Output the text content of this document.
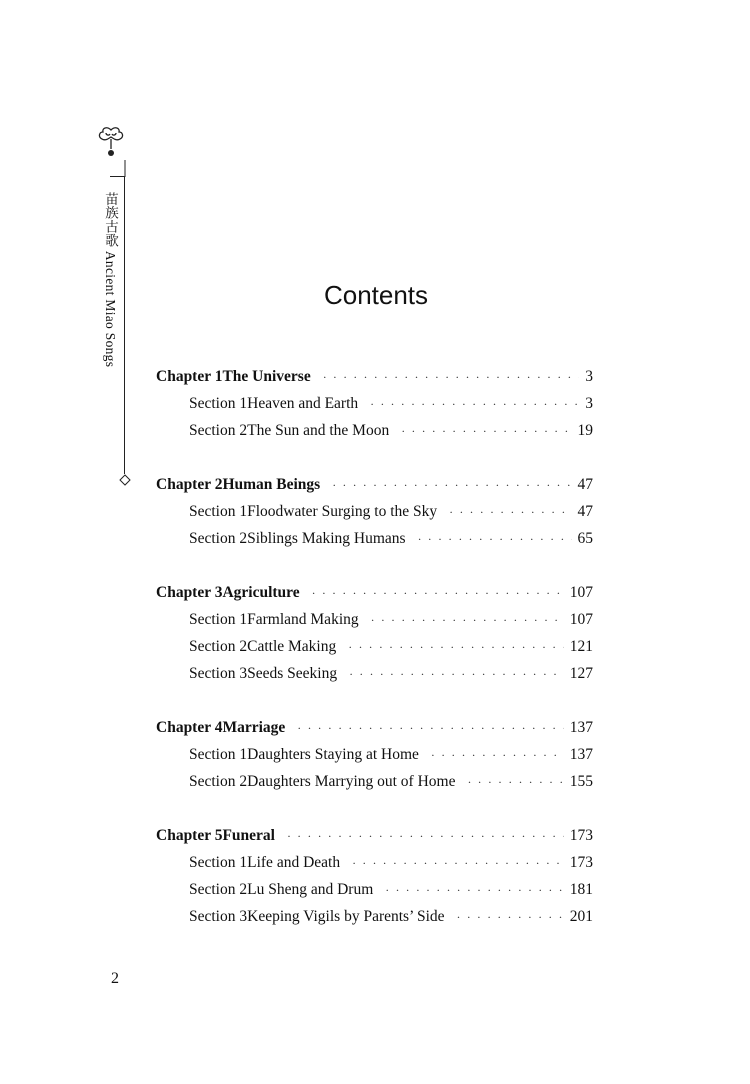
苗族古歌 Ancient Miao Songs	Contents
Chapter 1 The Universe · · ·	3
Section 1 Heaven and Earth · · ·	3
Section 2 The Sun and the Moon · · ·	19
Chapter 2 Human Beings · · ·	47
Section 1 Floodwater Surging to the Sky · · ·	47
Section 2 Siblings Making Humans · · ·	65
Chapter 3 Agriculture · · ·	107
Section 1 Farmland Making · · ·	107
Section 2 Cattle Making · · ·	121
Section 3 Seeds Seeking · · ·	127
Chapter 4 Marriage · · ·	137
Section 1 Daughters Staying at Home · · ·	137
Section 2 Daughters Marrying out of Home · · ·	155
Chapter 5 Funeral · · ·	173
Section 1 Life and Death · · ·	173
Section 2 Lu Sheng and Drum · · ·	181
Section 3 Keeping Vigils by Parents’ Side · · ·	201
2
